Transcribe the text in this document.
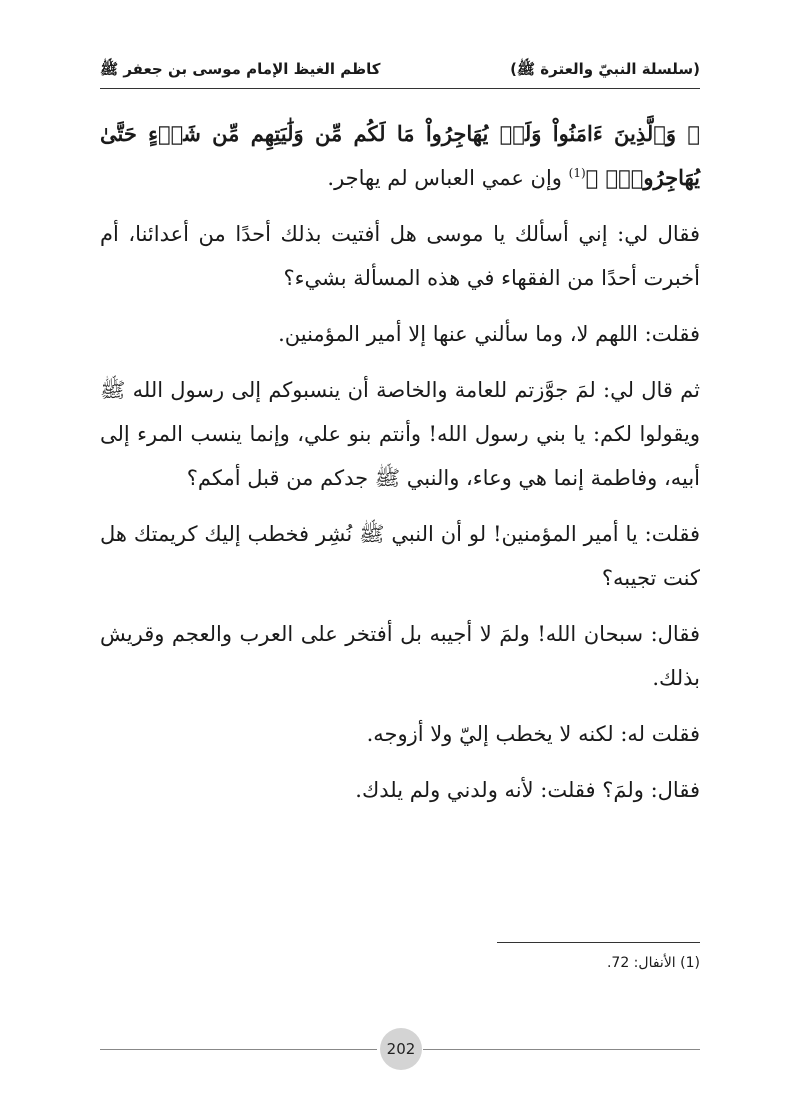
(سلسلة النبيّ والعترة ﷺ)
كاظم الغيظ الإمام موسى بن جعفر ﷺ

﴿ وَٱلَّذِينَ ءَامَنُواْ وَلَمۡ يُهَاجِرُواْ مَا لَكُم مِّن وَلَٰيَتِهِم مِّن شَيۡءٍ حَتَّىٰ يُهَاجِرُواْۚ ﴾$^{(1)}$ وإن عمي العباس لم يهاجر.

فقال لي: إني أسألك يا موسى هل أفتيت بذلك أحدًا من أعدائنا، أم أخبرت أحدًا من الفقهاء في هذه المسألة بشيء؟

فقلت: اللهم لا، وما سألني عنها إلا أمير المؤمنين.

ثم قال لي: لمَ جوَّزتم للعامة والخاصة أن ينسبوكم إلى رسول الله ﷺ ويقولوا لكم: يا بني رسول الله! وأنتم بنو علي، وإنما ينسب المرء إلى أبيه، وفاطمة إنما هي وعاء، والنبي ﷺ جدكم من قبل أمكم؟

فقلت: يا أمير المؤمنين! لو أن النبي ﷺ نُشِر فخطب إليك كريمتك هل كنت تجيبه؟

فقال: سبحان الله! ولمَ لا أجيبه بل أفتخر على العرب والعجم وقريش بذلك.

فقلت له: لكنه لا يخطب إليّ ولا أزوجه.

فقال: ولمَ؟ فقلت: لأنه ولدني ولم يلدك.

(1) الأنفال: 72.
202
